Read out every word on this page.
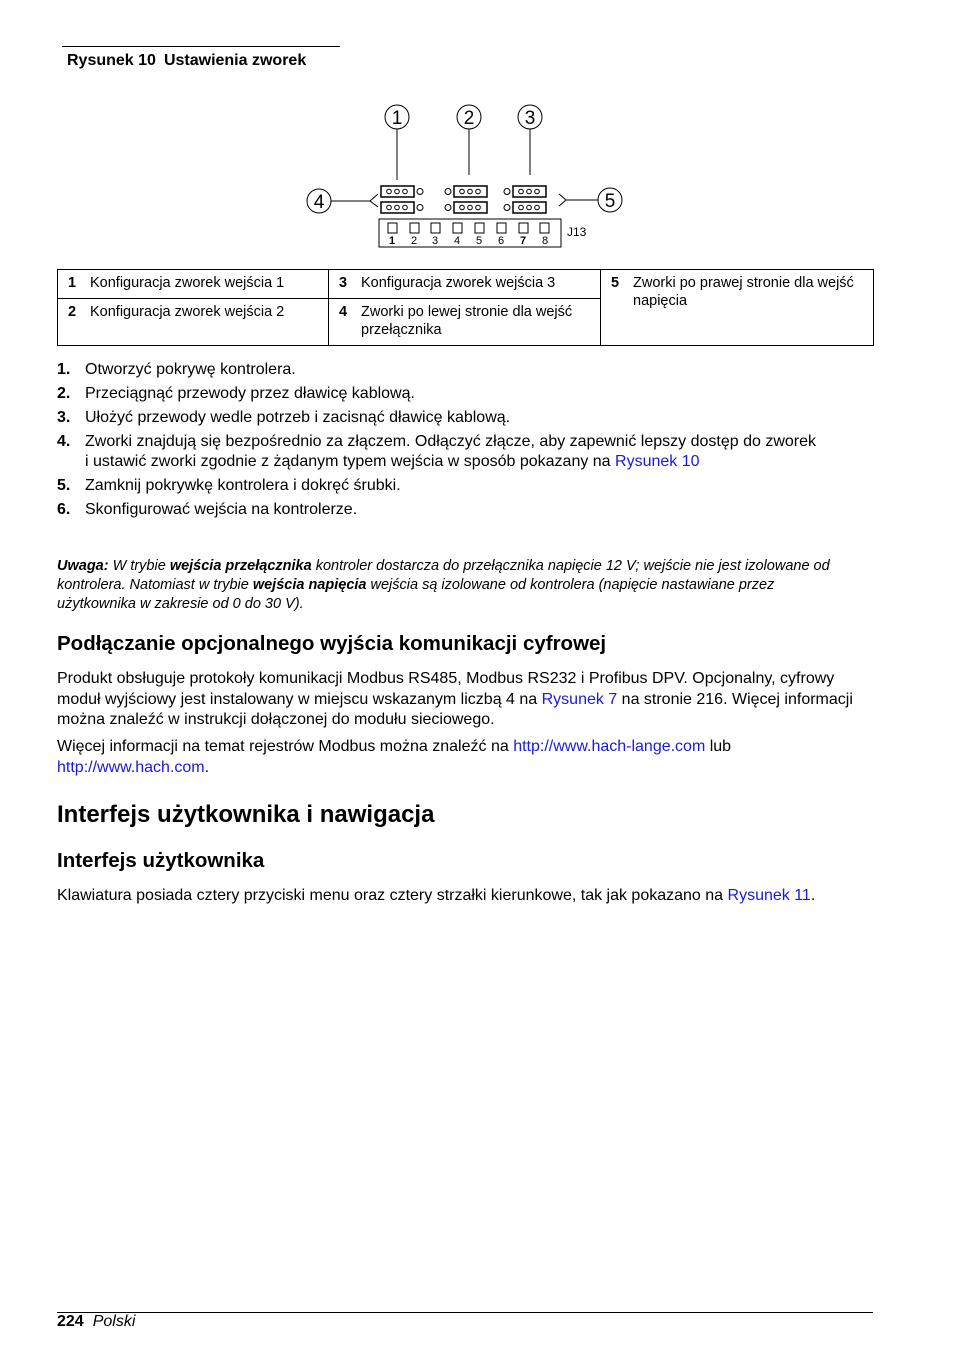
Rysunek 10 Ustawienia zworek
1	2	3
4	5
1 2 3 4 5 6 7 8
J13
1 Konfiguracja zworek wejścia 1	3 Konfiguracja zworek wejścia 3	5 Zworki po prawej stronie dla wejść napięcia
2 Konfiguracja zworek wejścia 2	4 Zworki po lewej stronie dla wejść przełącznika	
1. Otworzyć pokrywę kontrolera.
2. Przeciągnąć przewody przez dławicę kablową.
3. Ułożyć przewody wedle potrzeb i zacisnąć dławicę kablową.
4. Zworki znajdują się bezpośrednio za złączem. Odłączyć złącze, aby zapewnić lepszy dostęp do zworek i ustawić zworki zgodnie z żądanym typem wejścia w sposób pokazany na Rysunek 10
5. Zamknij pokrywkę kontrolera i dokręć śrubki.
6. Skonfigurować wejścia na kontrolerze.
Uwaga: W trybie wejścia przełącznika kontroler dostarcza do przełącznika napięcie 12 V; wejście nie jest izolowane od kontrolera. Natomiast w trybie wejścia napięcia wejścia są izolowane od kontrolera (napięcie nastawiane przez użytkownika w zakresie od 0 do 30 V).
Podłączanie opcjonalnego wyjścia komunikacji cyfrowej
Produkt obsługuje protokoły komunikacji Modbus RS485, Modbus RS232 i Profibus DPV. Opcjonalny, cyfrowy moduł wyjściowy jest instalowany w miejscu wskazanym liczbą 4 na Rysunek 7 na stronie 216. Więcej informacji można znaleźć w instrukcji dołączonej do modułu sieciowego.
Więcej informacji na temat rejestrów Modbus można znaleźć na http://www.hach-lange.com lub http://www.hach.com.
Interfejs użytkownika i nawigacja
Interfejs użytkownika
Klawiatura posiada cztery przyciski menu oraz cztery strzałki kierunkowe, tak jak pokazano na Rysunek 11.
224 Polski
